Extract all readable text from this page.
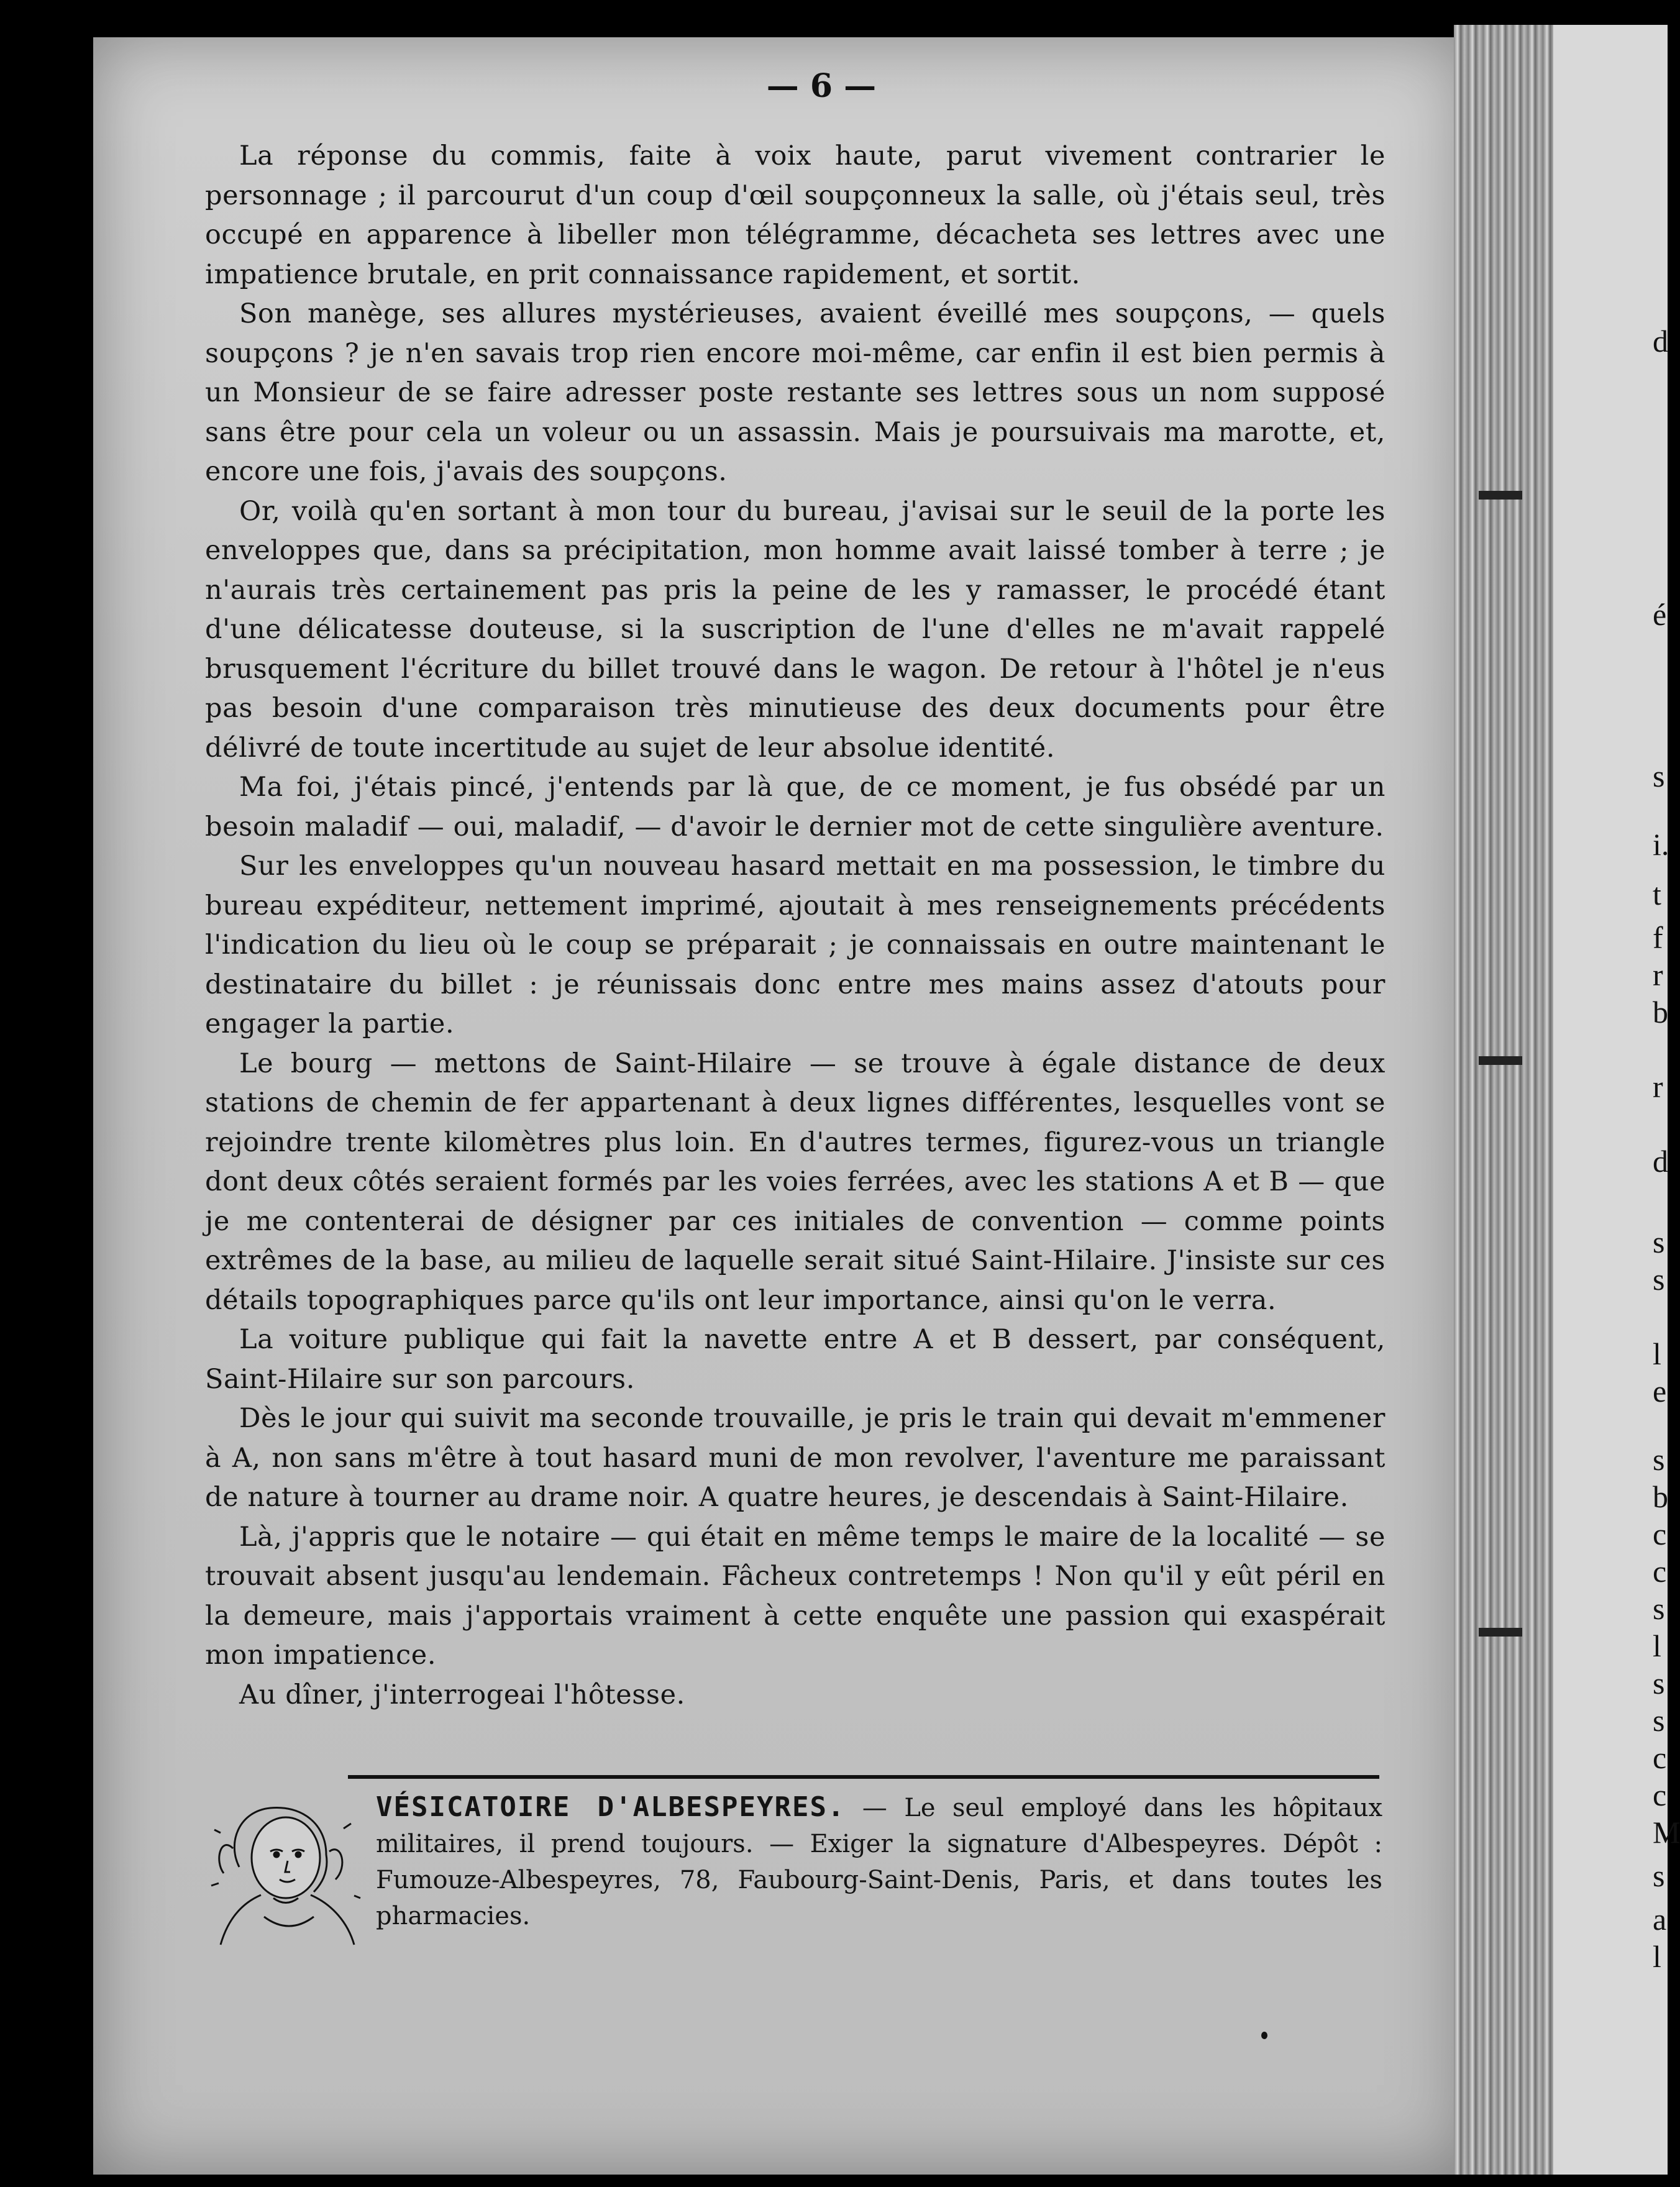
d
é
s
i.
t
f
r
b
r
d
s
s
l
e
s
b
c
c
s
l
s
s
c
c
M
s
a
l
— 6 —

La réponse du commis, faite à voix haute, parut vivement contrarier le personnage ; il parcourut d'un coup d'œil soupçonneux la salle, où j'étais seul, très occupé en apparence à libeller mon télégramme, décacheta ses lettres avec une impatience brutale, en prit connaissance rapidement, et sortit.

Son manège, ses allures mystérieuses, avaient éveillé mes soupçons, — quels soupçons ? je n'en savais trop rien encore moi-même, car enfin il est bien permis à un Monsieur de se faire adresser poste restante ses lettres sous un nom supposé sans être pour cela un voleur ou un assassin. Mais je poursuivais ma marotte, et, encore une fois, j'avais des soupçons.

Or, voilà qu'en sortant à mon tour du bureau, j'avisai sur le seuil de la porte les enveloppes que, dans sa précipitation, mon homme avait laissé tomber à terre ; je n'aurais très certainement pas pris la peine de les y ramasser, le procédé étant d'une délicatesse douteuse, si la suscription de l'une d'elles ne m'avait rappelé brusquement l'écriture du billet trouvé dans le wagon. De retour à l'hôtel je n'eus pas besoin d'une comparaison très minutieuse des deux documents pour être délivré de toute incertitude au sujet de leur absolue identité.

Ma foi, j'étais pincé, j'entends par là que, de ce moment, je fus obsédé par un besoin maladif — oui, maladif, — d'avoir le dernier mot de cette singulière aventure.

Sur les enveloppes qu'un nouveau hasard mettait en ma possession, le timbre du bureau expéditeur, nettement imprimé, ajoutait à mes renseignements précédents l'indication du lieu où le coup se préparait ; je connaissais en outre maintenant le destinataire du billet : je réunissais donc entre mes mains assez d'atouts pour engager la partie.

Le bourg — mettons de Saint-Hilaire — se trouve à égale distance de deux stations de chemin de fer appartenant à deux lignes différentes, lesquelles vont se rejoindre trente kilomètres plus loin. En d'autres termes, figurez-vous un triangle dont deux côtés seraient formés par les voies ferrées, avec les stations A et B — que je me contenterai de désigner par ces initiales de convention — comme points extrêmes de la base, au milieu de laquelle serait situé Saint-Hilaire. J'insiste sur ces détails topographiques parce qu'ils ont leur importance, ainsi qu'on le verra.

La voiture publique qui fait la navette entre A et B dessert, par conséquent, Saint-Hilaire sur son parcours.

Dès le jour qui suivit ma seconde trouvaille, je pris le train qui devait m'emmener à A, non sans m'être à tout hasard muni de mon revolver, l'aventure me paraissant de nature à tourner au drame noir. A quatre heures, je descendais à Saint-Hilaire.

Là, j'appris que le notaire — qui était en même temps le maire de la localité — se trouvait absent jusqu'au lendemain. Fâcheux contretemps ! Non qu'il y eût péril en la demeure, mais j'apportais vraiment à cette enquête une passion qui exaspérait mon impatience.

Au dîner, j'interrogeai l'hôtesse.

VÉSICATOIRE D'ALBESPEYRES. — Le seul employé dans les hôpitaux militaires, il prend toujours. — Exiger la signature d'Albespeyres. Dépôt : Fumouze-Albespeyres, 78, Faubourg-Saint-Denis, Paris, et dans toutes les pharmacies.
